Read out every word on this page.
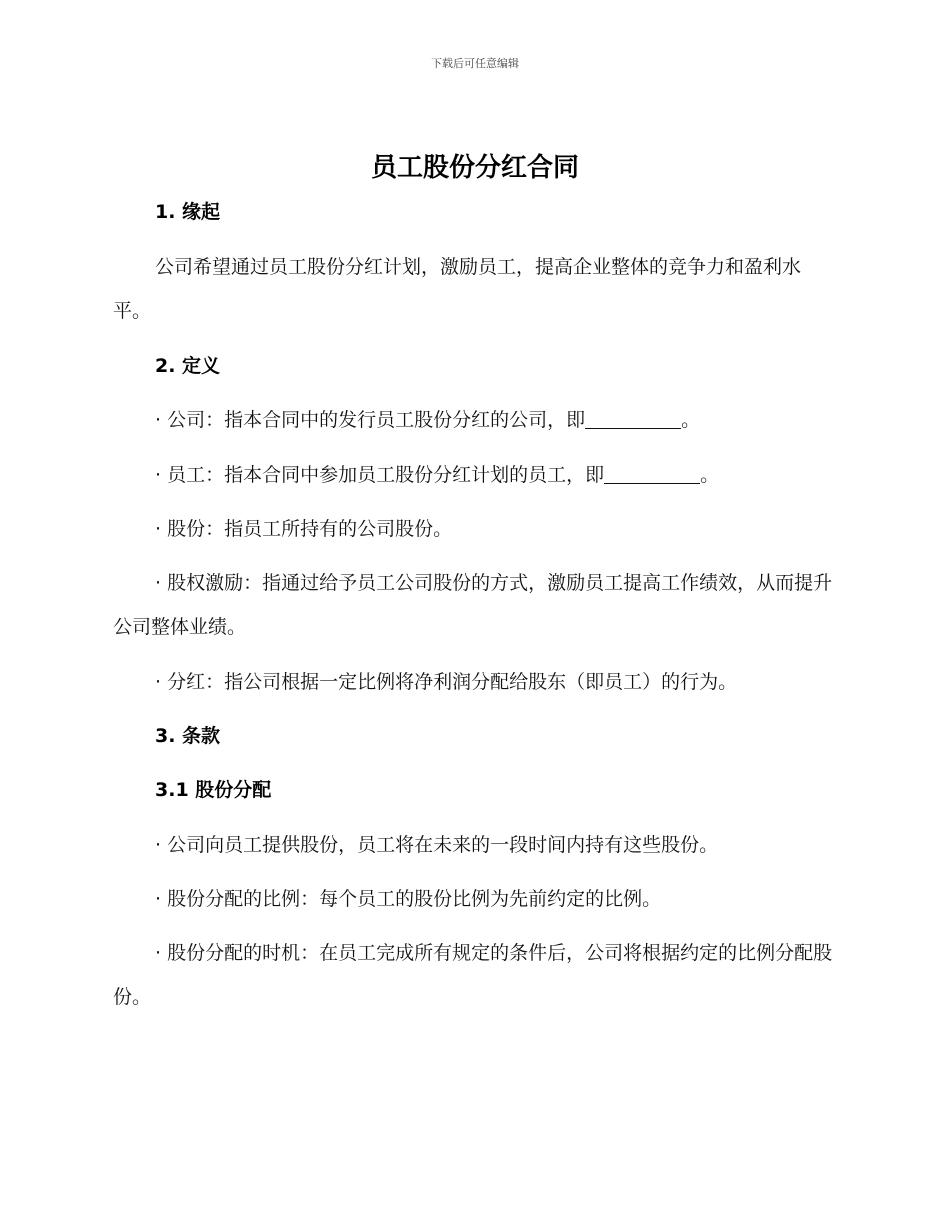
下载后可任意编辑
员工股份分红合同
1. 缘起
公司希望通过员工股份分红计划，激励员工，提高企业整体的竞争力和盈利水平。
2. 定义
· 公司：指本合同中的发行员工股份分红的公司，即	。
· 员工：指本合同中参加员工股份分红计划的员工，即	。
· 股份：指员工所持有的公司股份。
· 股权激励：指通过给予员工公司股份的方式，激励员工提高工作绩效，从而提升公司整体业绩。
· 分红：指公司根据一定比例将净利润分配给股东（即员工）的行为。
3. 条款
3.1 股份分配
· 公司向员工提供股份，员工将在未来的一段时间内持有这些股份。
· 股份分配的比例：每个员工的股份比例为先前约定的比例。
· 股份分配的时机：在员工完成所有规定的条件后，公司将根据约定的比例分配股份。
